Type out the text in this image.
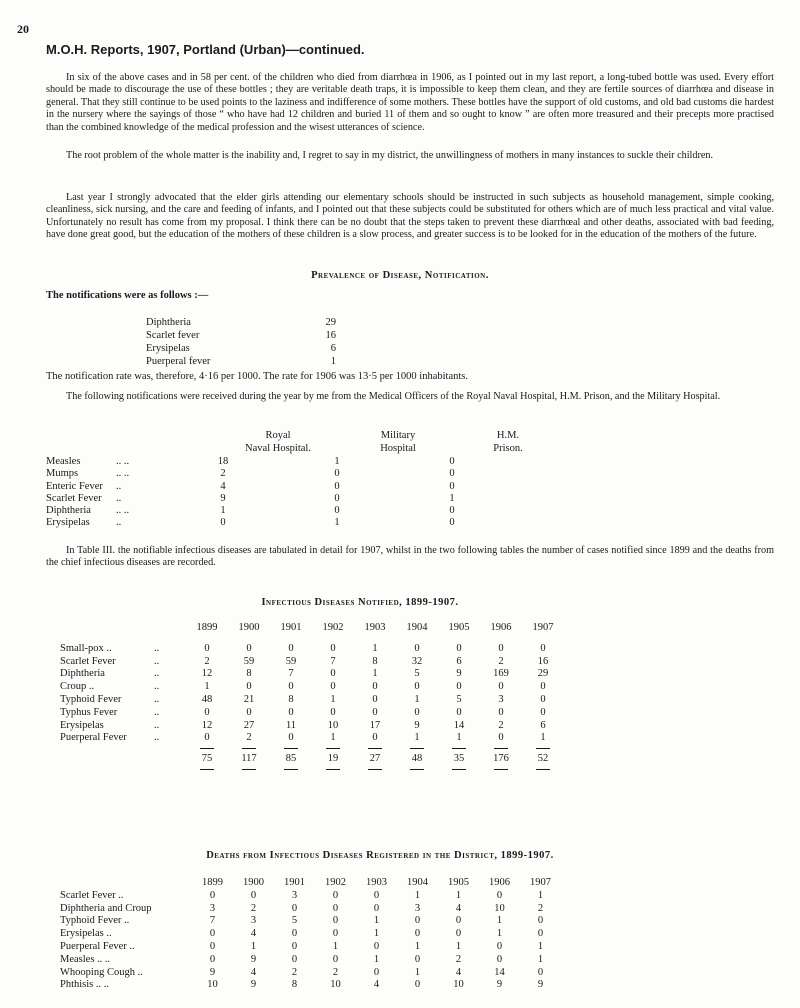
20
M.O.H. Reports, 1907, Portland (Urban)—continued.

In six of the above cases and in 58 per cent. of the children who died from diarrhœa in 1906, as I pointed out in my last report, a long-tubed bottle was used. Every effort should be made to discourage the use of these bottles ; they are veritable death traps, it is impossible to keep them clean, and they are fertile sources of diarrhœa and disease in general. That they still continue to be used points to the laziness and indifference of some mothers. These bottles have the support of old customs, and old bad customs die hardest in the nursery where the sayings of those “ who have had 12 children and buried 11 of them and so ought to know ” are often more treasured and their precepts more practised than the combined knowledge of the medical profession and the wisest utterances of science.

The root problem of the whole matter is the inability and, I regret to say in my district, the unwillingness of mothers in many instances to suckle their children.

Last year I strongly advocated that the elder girls attending our elementary schools should be instructed in such subjects as household management, simple cooking, cleanliness, sick nursing, and the care and feeding of infants, and I pointed out that these subjects could be substituted for others which are of much less practical and vital value. Unfortunately no result has come from my proposal. I think there can be no doubt that the steps taken to prevent these diarrhœal and other deaths, associated with bad feeding, have done great good, but the education of the mothers of these children is a slow process, and greater success is to be looked for in the education of the mothers of the future.

Prevalence of Disease, Notification.
The notifications were as follows :—
Diphtheria	29
Scarlet fever	16
Erysipelas	6
Puerperal fever	1
The notification rate was, therefore, 4·16 per 1000. The rate for 1906 was 13·5 per 1000 inhabitants.

The following notifications were received during the year by me from the Medical Officers of the Royal Naval Hospital, H.M. Prison, and the Military Hospital.

Royal
Naval Hospital.
Military
Hospital
H.M.
Prison.
Measles	.. ..	18	1	0
Mumps	.. ..	2	0	0
Enteric Fever	..	4	0	0
Scarlet Fever	..	9	0	1
Diphtheria	.. ..	1	0	0
Erysipelas	..	0	1	0

In Table III. the notifiable infectious diseases are tabulated in detail for 1907, whilst in the two following tables the number of cases notified since 1899 and the deaths from the chief infectious diseases are recorded.

Infectious Diseases Notified, 1899-1907.
		1899	1900	1901	1902	1903	1904	1905	1906	1907

Small-pox ..	..	0	0	0	0	1	0	0	0	0
Scarlet Fever	..	2	59	59	7	8	32	6	2	16
Diphtheria	..	12	8	7	0	1	5	9	169	29
Croup ..	..	1	0	0	0	0	0	0	0	0
Typhoid Fever	..	48	21	8	1	0	1	5	3	0
Typhus Fever	..	0	0	0	0	0	0	0	0	0
Erysipelas	..	12	27	11	10	17	9	14	2	6
Puerperal Fever	..	0	2	0	1	0	1	1	0	1

		75	117	85	19	27	48	35	176	52

Deaths from Infectious Diseases Registered in the District, 1899-1907.
	1899	1900	1901	1902	1903	1904	1905	1906	1907
Scarlet Fever ..	0	0	3	0	0	1	1	0	1
Diphtheria and Croup	3	2	0	0	0	3	4	10	2
Typhoid Fever ..	7	3	5	0	1	0	0	1	0
Erysipelas ..	0	4	0	0	1	0	0	1	0
Puerperal Fever ..	0	1	0	1	0	1	1	0	1
Measles .. ..	0	9	0	0	1	0	2	0	1
Whooping Cough ..	9	4	2	2	0	1	4	14	0
Phthisis .. ..	10	9	8	10	4	0	10	9	9
